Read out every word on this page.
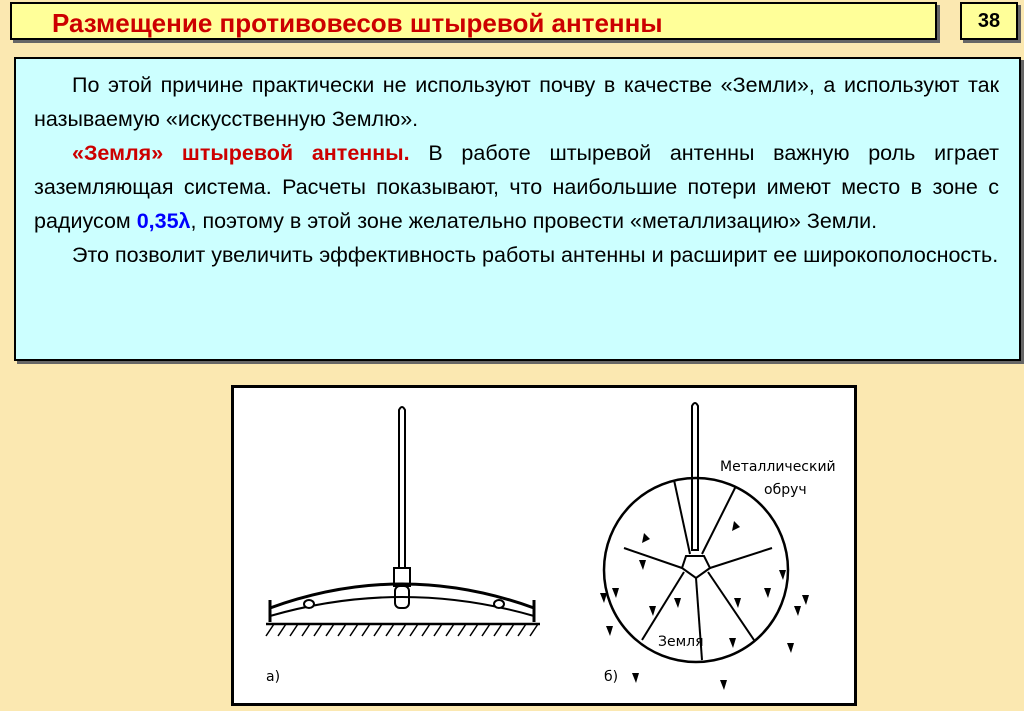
Размещение противовесов штыревой антенны	38

По этой причине практически не используют почву в качестве «Земли», а используют так называемую «искусственную Землю».

«Земля» штыревой антенны. В работе штыревой антенны важную роль играет заземляющая система. Расчеты показывают, что наибольшие потери имеют место в зоне с радиусом 0,35λ, поэтому в этой зоне желательно провести «металлизацию» Земли.

Это позволит увеличить эффективность работы антенны и расширит ее широкополосность.

а)
Металлический
обруч
Земля
б)
